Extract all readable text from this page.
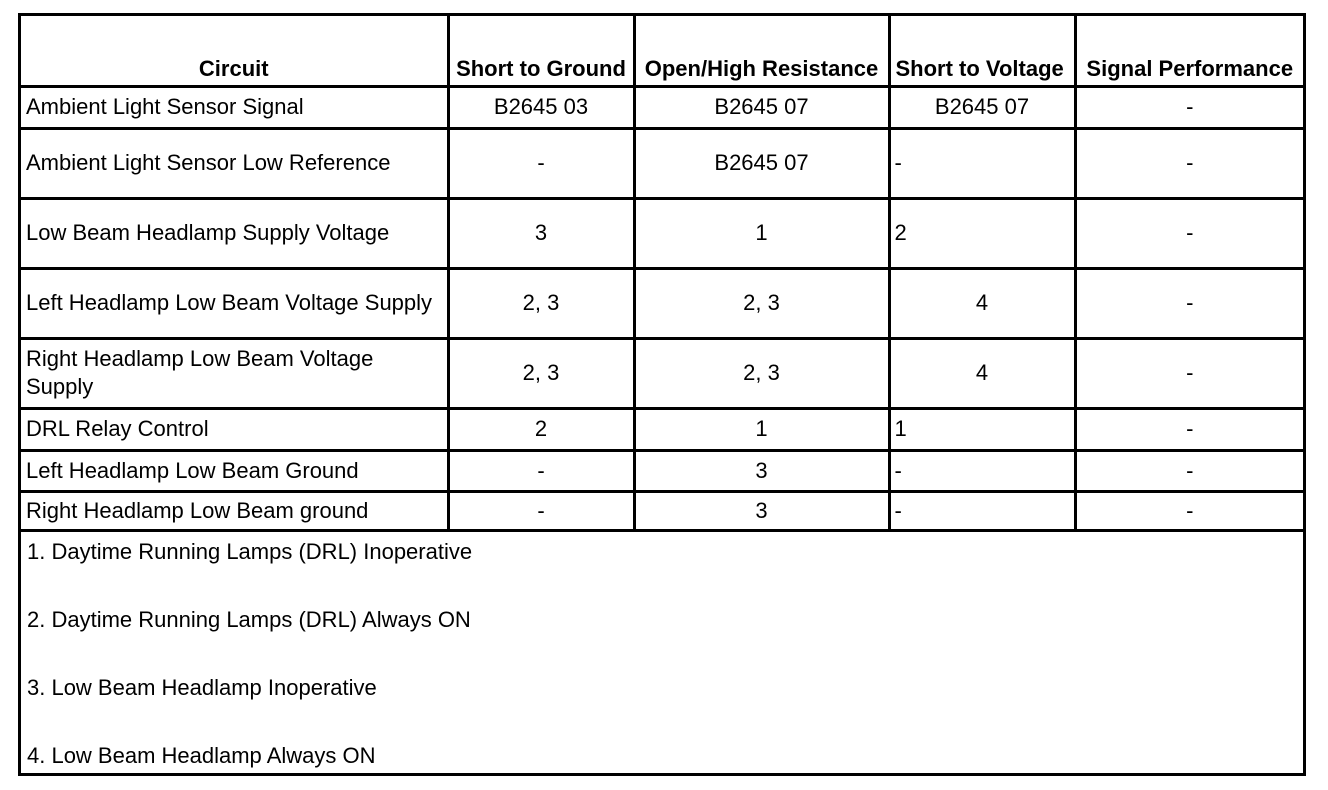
Circuit	Short to Ground	Open/High Resistance	Short to Voltage	Signal Performance
Ambient Light Sensor Signal	B2645 03	B2645 07	B2645 07	-
Ambient Light Sensor Low Reference	-	B2645 07	-	-
Low Beam Headlamp Supply Voltage	3	1	2	-
Left Headlamp Low Beam Voltage Supply	2, 3	2, 3	4	-
Right Headlamp Low Beam Voltage Supply	2, 3	2, 3	4	-
DRL Relay Control	2	1	1	-
Left Headlamp Low Beam Ground	-	3	-	-
Right Headlamp Low Beam ground	-	3	-	-
1. Daytime Running Lamps (DRL) Inoperative
2. Daytime Running Lamps (DRL) Always ON
3. Low Beam Headlamp Inoperative
4. Low Beam Headlamp Always ON
